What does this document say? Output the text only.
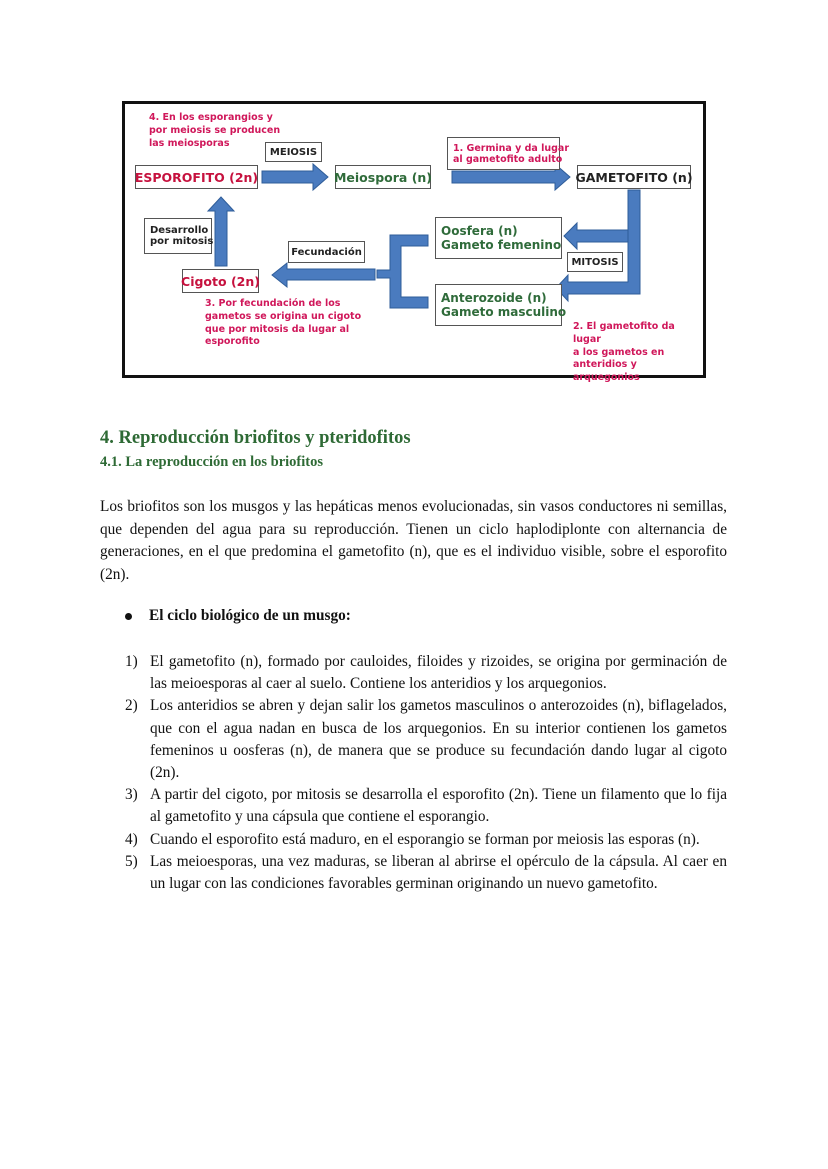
4. En los esporangios y
por meiosis se producen
las meiosporas
MEIOSIS
ESPOROFITO (2n)	Meiospora (n)
1. Germina y da lugar
al gametofito adulto
GAMETOFITO (n)
Desarrollo
por mitosis
Fecundación
Oosfera (n)
Gameto femenino
MITOSIS
Cigoto (2n)
Anterozoide (n)
Gameto masculino
3. Por fecundación de los
gametos se origina un cigoto
que por mitosis da lugar al
esporofito
2. El gametofito da lugar
a los gametos en
anteridios y arquegonios
4. Reproducción briofitos y pteridofitos
4.1. La reproducción en los briofitos

Los briofitos son los musgos y las hepáticas menos evolucionadas, sin vasos conductores ni semillas, que dependen del agua para su reproducción. Tienen un ciclo haplodiplonte con alternancia de generaciones, en el que predomina el gametofito (n), que es el individuo visible, sobre el esporofito (2n).

El ciclo biológico de un musgo:
1) El gametofito (n), formado por cauloides, filoides y rizoides, se origina por germinación de las meioesporas al caer al suelo. Contiene los anteridios y los arquegonios.
2) Los anteridios se abren y dejan salir los gametos masculinos o anterozoides (n), biflagelados, que con el agua nadan en busca de los arquegonios. En su interior contienen los gametos femeninos u oosferas (n), de manera que se produce su fecundación dando lugar al cigoto (2n).
3) A partir del cigoto, por mitosis se desarrolla el esporofito (2n). Tiene un filamento que lo fija al gametofito y una cápsula que contiene el esporangio.
4) Cuando el esporofito está maduro, en el esporangio se forman por meiosis las esporas (n).
5) Las meioesporas, una vez maduras, se liberan al abrirse el opérculo de la cápsula. Al caer en un lugar con las condiciones favorables germinan originando un nuevo gametofito.
